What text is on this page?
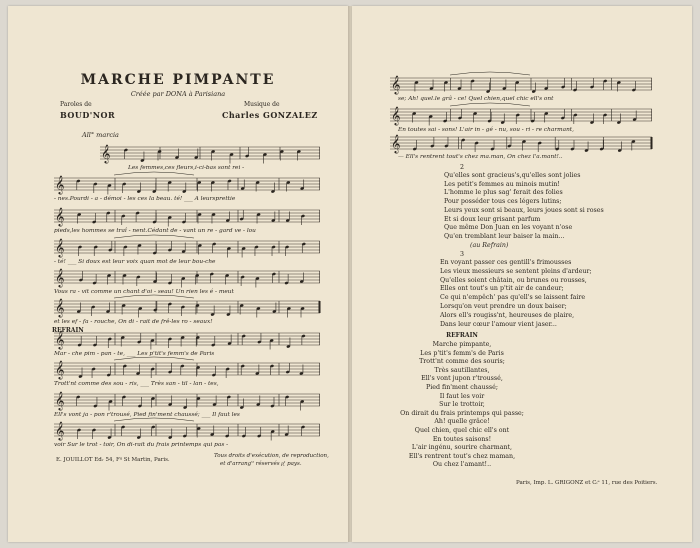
MARCHE PIMPANTE
Créée par DONA à Parisiana
Paroles de
BOUD'NOR
Musique de
Charles GONZALEZ
All° marcia
𝄞
𝄞
𝄞
𝄞
𝄞
𝄞
𝄞
𝄞
𝄞
𝄞
Les femmes,ces fleurs,i-ci-bas sont rei -
- nes.Pourdi - a - démoi - les ces la beau. té! ___ A leursprettie
pieds,les hommes se traî - nent.Cédant de - vant un re - gard ve - lou
- té! ___ Si doux est leur voix quan mot de leur bou-che
Vous ra - vit comme un chant d'oi - seau! Un rien les é - meut
et les ef - fa - rouche, On di - rait de frê-les ro - seaux!
REFRAIN
Mar - che pim - pan - te, ___ Les p'tit's femm's de Paris
Trott'nt comme des sou - ris, ___ Très san - til - lan - tes,
Ell's vont ja - pon r'trousé, Pied fin'ment chaussé; ___ Il faut les
voir Sur le trot - toir, On di-rait du frais printemps qui pas -
E. JOUILLOT Edᵣ 54, Fᵍ St Martin, Paris.
Tous droits d'exécution, de reproduction,
et d'arrang'ᵗ réservés p᷊ᵗ pays.
𝄞
𝄞
𝄞
se; Ah! quel.le grâ - ce! Quel chien,quel chic ell's ont
En toutes sai - sons! L'air in - gé - nu, sou - ri - re charmant,
— Ell's rentrent tout's chez ma.man, On chez l'a.mant!..
2
Qu'elles sont gracieus's,qu'elles sont jolies
Les petit's femmes au minois mutin!
L'homme le plus sag' ferait des folies
Pour posséder tous ces légers lutins;
Leurs yeux sont si beaux, leurs joues sont si roses
Et si doux leur grisant parfum
Que même Don Juan en les voyant n'ose
Qu'en tremblant leur baiser la main...
(au Refrain)
3
En voyant passer ces gentill's frimousses
Les vieux messieurs se sentent pleins d'ardeur;
Qu'elles soient châtain, ou brunes ou rousses,
Elles ont tout's un p'tit air de candeur;
Ce qui n'empêch' pas qu'ell's se laissent faire
Lorsqu'on veut prendre un doux baiser;
Alors ell's rougiss'nt, heureuses de plaire,
Dans leur cœur l'amour vient jaser...
REFRAIN
Marche pimpante,
Les p'tit's femm's de Paris
Trott'nt comme des souris;
Très sautillantes,
Ell's vont jupon r'troussé,
Pied fin'ment chaussé;
Il faut les voir
Sur le trottoir,
On dirait du frais printemps qui passe;
Ah! quelle grâce!
Quel chien, quel chic ell's ont
En toutes saisons!
L'air ingénu, sourire charmant,
Ell's rentrent tout's chez maman,
Ou chez l'amant!..
Paris, Imp. L. GRIGONZ et Cᵢᵉ 11, rue des Poitiers.
